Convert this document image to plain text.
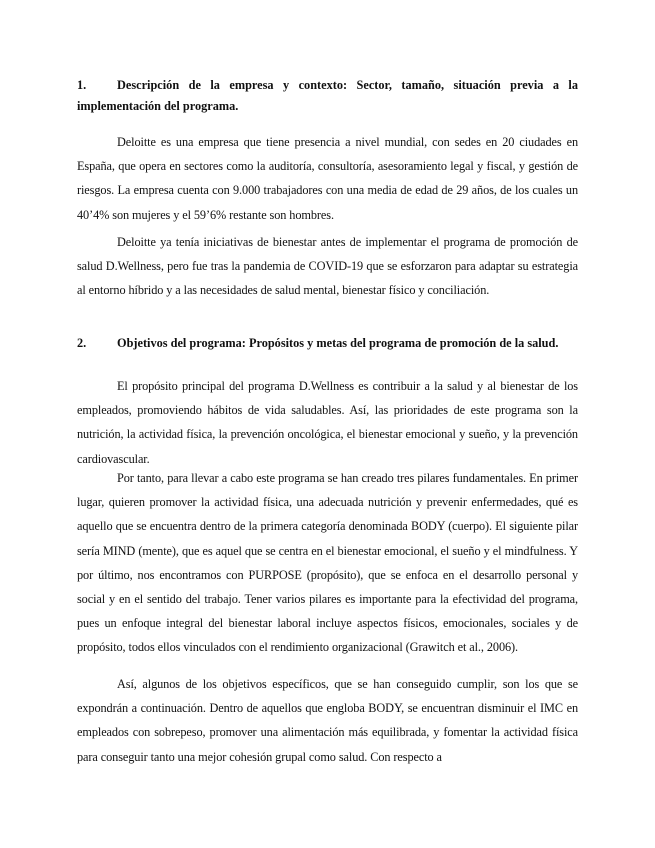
1.	Descripción de la empresa y contexto: Sector, tamaño, situación previa a la implementación del programa.

Deloitte es una empresa que tiene presencia a nivel mundial, con sedes en 20 ciudades en España, que opera en sectores como la auditoría, consultoría, asesoramiento legal y fiscal, y gestión de riesgos. La empresa cuenta con 9.000 trabajadores con una media de edad de 29 años, de los cuales un 40’4% son mujeres y el 59’6% restante son hombres.

Deloitte ya tenía iniciativas de bienestar antes de implementar el programa de promoción de salud D.Wellness, pero fue tras la pandemia de COVID-19 que se esforzaron para adaptar su estrategia al entorno híbrido y a las necesidades de salud mental, bienestar físico y conciliación.

2.	Objetivos del programa: Propósitos y metas del programa de promoción de la salud.

El propósito principal del programa D.Wellness es contribuir a la salud y al bienestar de los empleados, promoviendo hábitos de vida saludables. Así, las prioridades de este programa son la nutrición, la actividad física, la prevención oncológica, el bienestar emocional y sueño, y la prevención cardiovascular.

Por tanto, para llevar a cabo este programa se han creado tres pilares fundamentales. En primer lugar, quieren promover la actividad física, una adecuada nutrición y prevenir enfermedades, qué es aquello que se encuentra dentro de la primera categoría denominada BODY (cuerpo). El siguiente pilar sería MIND (mente), que es aquel que se centra en el bienestar emocional, el sueño y el mindfulness. Y por último, nos encontramos con PURPOSE (propósito), que se enfoca en el desarrollo personal y social y en el sentido del trabajo. Tener varios pilares es importante para la efectividad del programa, pues un enfoque integral del bienestar laboral incluye aspectos físicos, emocionales, sociales y de propósito, todos ellos vinculados con el rendimiento organizacional (Grawitch et al., 2006).

Así, algunos de los objetivos específicos, que se han conseguido cumplir, son los que se expondrán a continuación. Dentro de aquellos que engloba BODY, se encuentran disminuir el IMC en empleados con sobrepeso, promover una alimentación más equilibrada, y fomentar la actividad física para conseguir tanto una mejor cohesión grupal como salud. Con respecto a
